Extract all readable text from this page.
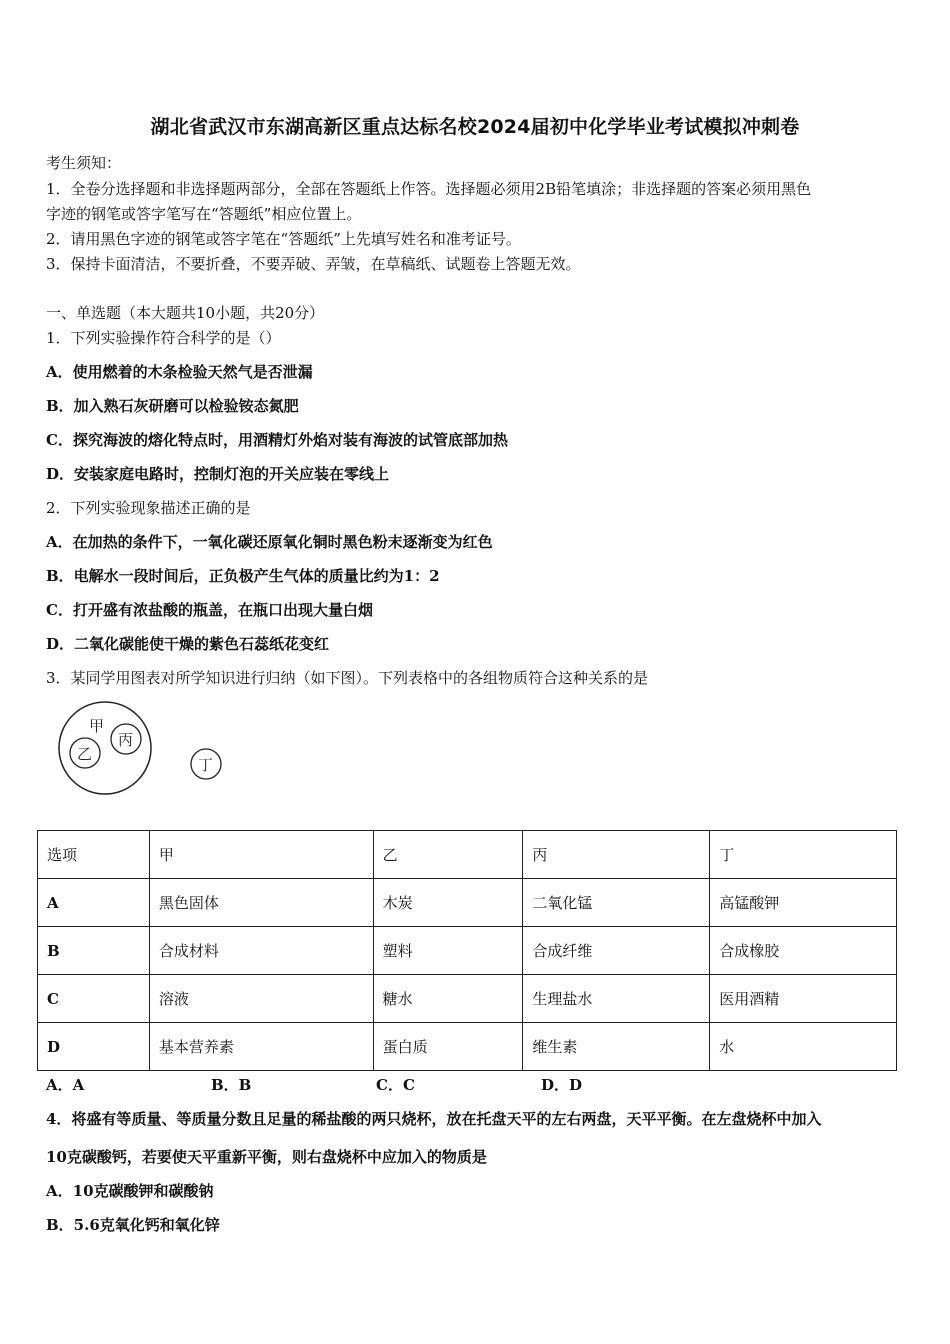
湖北省武汉市东湖高新区重点达标名校2024届初中化学毕业考试模拟冲刺卷
考生须知：
1．全卷分选择题和非选择题两部分，全部在答题纸上作答。选择题必须用2B铅笔填涂；非选择题的答案必须用黑色
字迹的钢笔或答字笔写在“答题纸”相应位置上。
2．请用黑色字迹的钢笔或答字笔在“答题纸”上先填写姓名和准考证号。
3．保持卡面清洁，不要折叠，不要弄破、弄皱，在草稿纸、试题卷上答题无效。
一、单选题（本大题共10小题，共20分）
1．下列实验操作符合科学的是（）
A．使用燃着的木条检验天然气是否泄漏
B．加入熟石灰研磨可以检验铵态氮肥
C．探究海波的熔化特点时，用酒精灯外焰对装有海波的试管底部加热
D．安装家庭电路时，控制灯泡的开关应装在零线上
2．下列实验现象描述正确的是
A．在加热的条件下，一氧化碳还原氧化铜时黑色粉末逐渐变为红色
B．电解水一段时间后，正负极产生气体的质量比约为1：2
C．打开盛有浓盐酸的瓶盖，在瓶口出现大量白烟
D．二氧化碳能使干燥的紫色石蕊纸花变红
3．某同学用图表对所学知识进行归纳（如下图）。下列表格中的各组物质符合这种关系的是
甲
乙
丙
丁
选项	甲	乙	丙	丁
A	黑色固体	木炭	二氧化锰	高锰酸钾
B	合成材料	塑料	合成纤维	合成橡胶
C	溶液	糖水	生理盐水	医用酒精
D	基本营养素	蛋白质	维生素	水
A．A	B．B	C．C	D．D
4．将盛有等质量、等质量分数且足量的稀盐酸的两只烧杯，放在托盘天平的左右两盘，天平平衡。在左盘烧杯中加入
10克碳酸钙，若要使天平重新平衡，则右盘烧杯中应加入的物质是
A．10克碳酸钾和碳酸钠
B．5.6克氧化钙和氧化锌
